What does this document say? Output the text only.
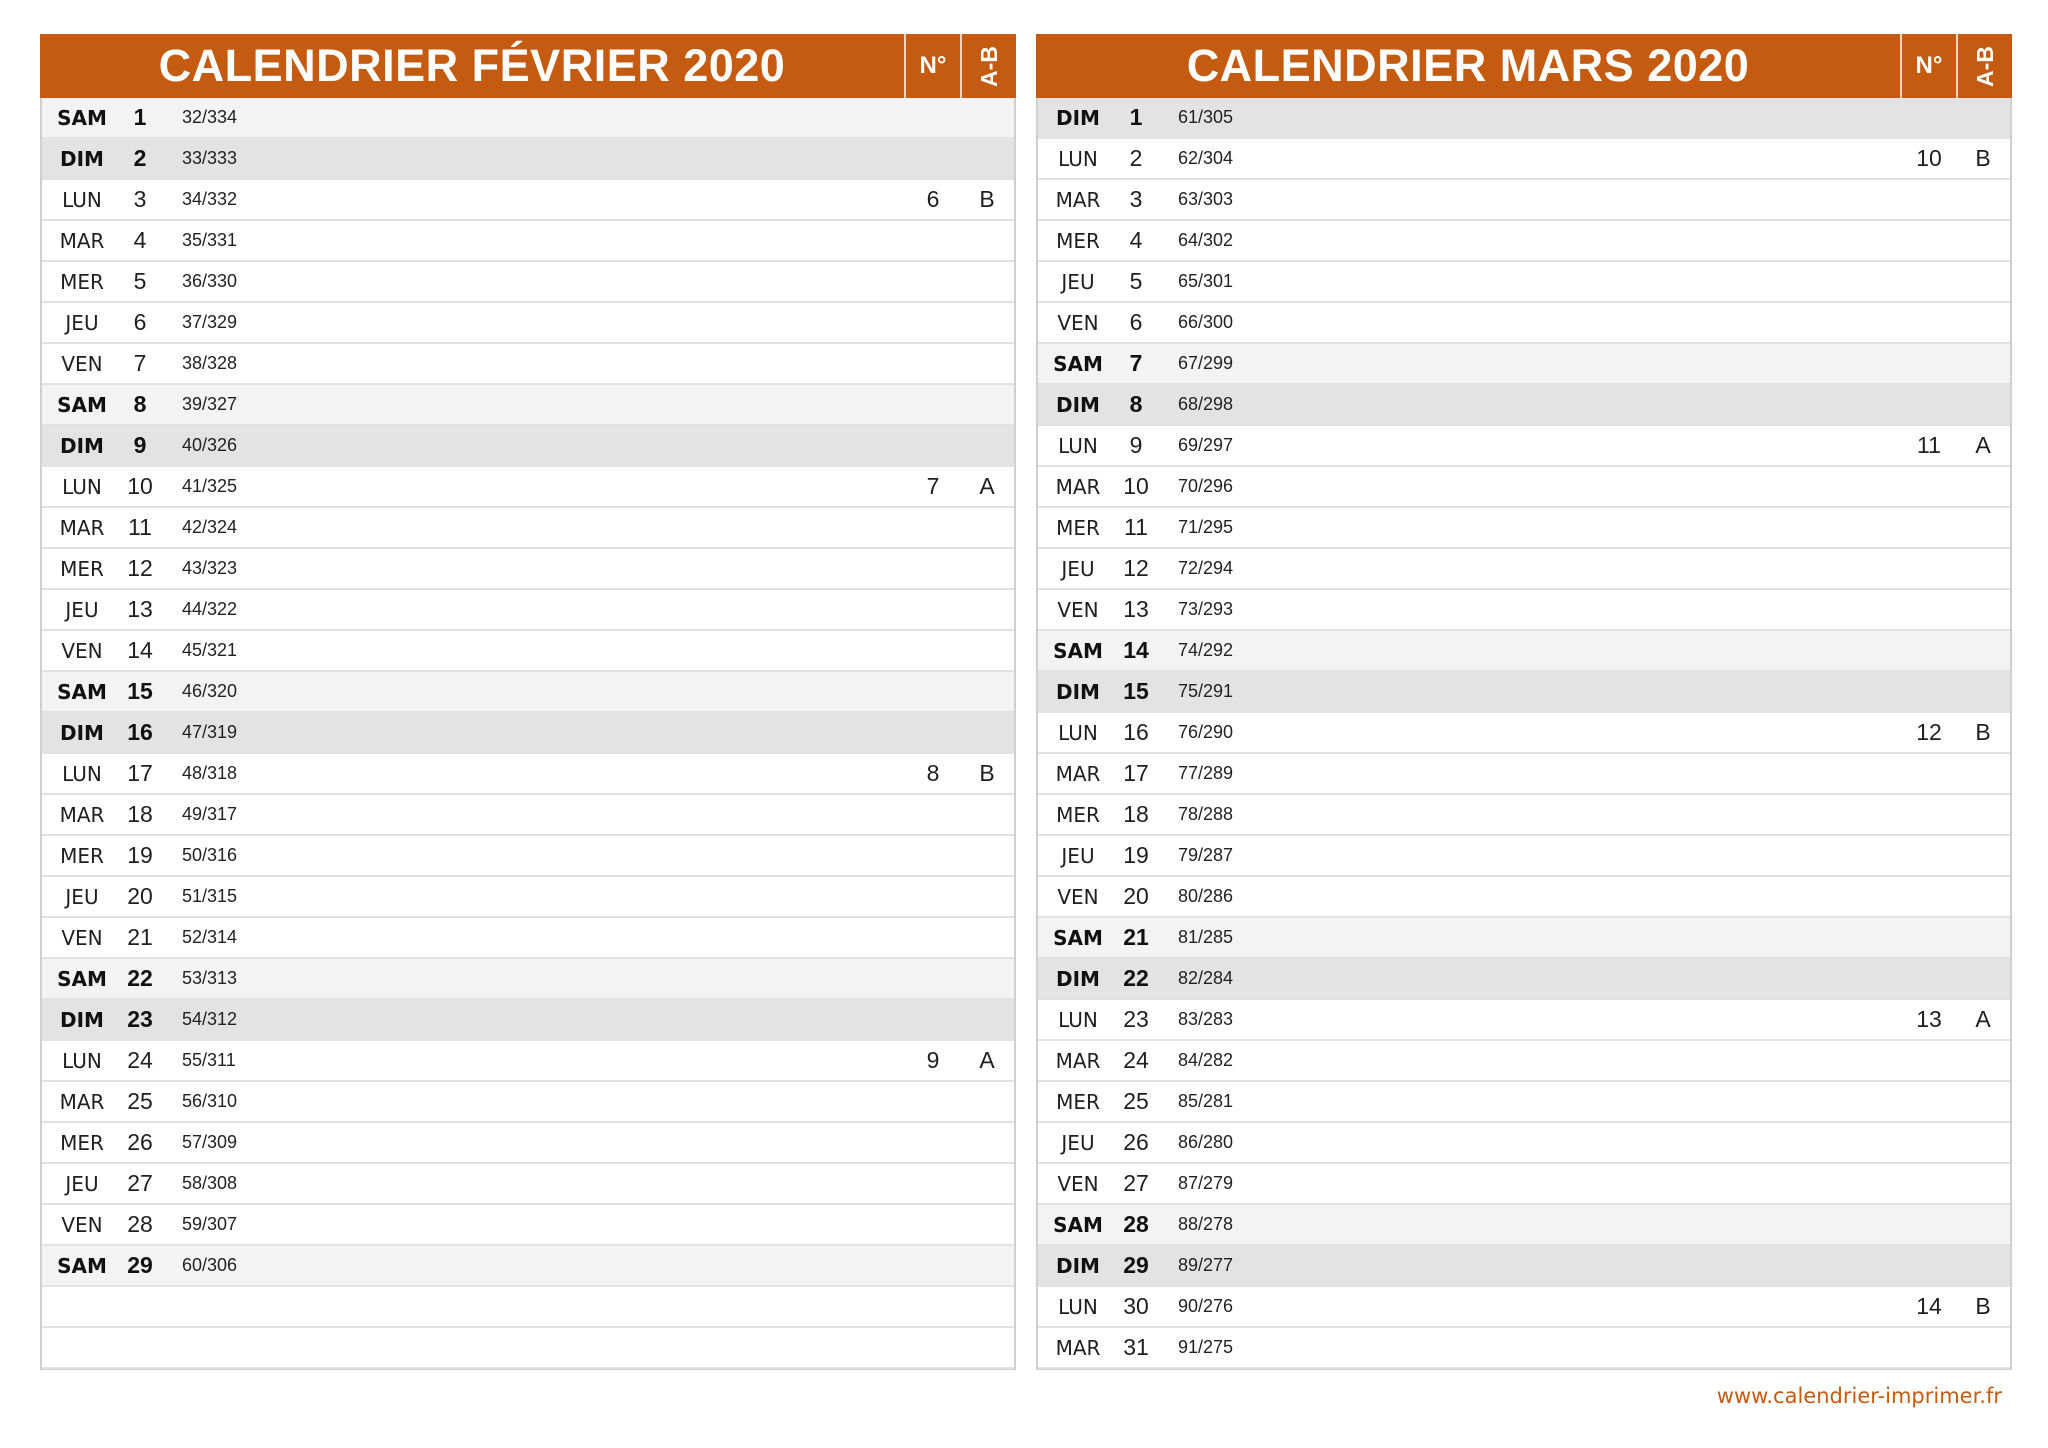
CALENDRIER FÉVRIER 2020	N°	A-B
SAM	1	32/334
DIM	2	33/333
LUN	3	34/332	6	B
MAR	4	35/331
MER	5	36/330
JEU	6	37/329
VEN	7	38/328
SAM	8	39/327
DIM	9	40/326
LUN	10	41/325	7	A
MAR	11	42/324
MER	12	43/323
JEU	13	44/322
VEN	14	45/321
SAM 15	46/320
DIM	16	47/319
LUN	17	48/318	8	B
MAR 18	49/317
MER	19	50/316
JEU	20	51/315
VEN	21	52/314
SAM 22	53/313
DIM	23	54/312
LUN	24	55/311	9	A
MAR 25	56/310
MER	26	57/309
JEU	27	58/308
VEN	28	59/307
SAM 29	60/306
CALENDRIER MARS 2020	N°	A-B
DIM	1	61/305
LUN	2	62/304	10	B
MAR	3	63/303
MER	4	64/302
JEU	5	65/301
VEN	6	66/300
SAM	7	67/299
DIM	8	68/298
LUN	9	69/297	11	A
MAR 10	70/296
MER	11	71/295
JEU	12	72/294
VEN	13	73/293
SAM 14	74/292
DIM	15	75/291
LUN	16	76/290	12	B
MAR 17	77/289
MER	18	78/288
JEU	19	79/287
VEN	20	80/286
SAM 21	81/285
DIM	22	82/284
LUN	23	83/283	13	A
MAR 24	84/282
MER	25	85/281
JEU	26	86/280
VEN	27	87/279
SAM 28	88/278
DIM	29	89/277
LUN	30	90/276	14	B
MAR 31	91/275
www.calendrier-imprimer.fr
